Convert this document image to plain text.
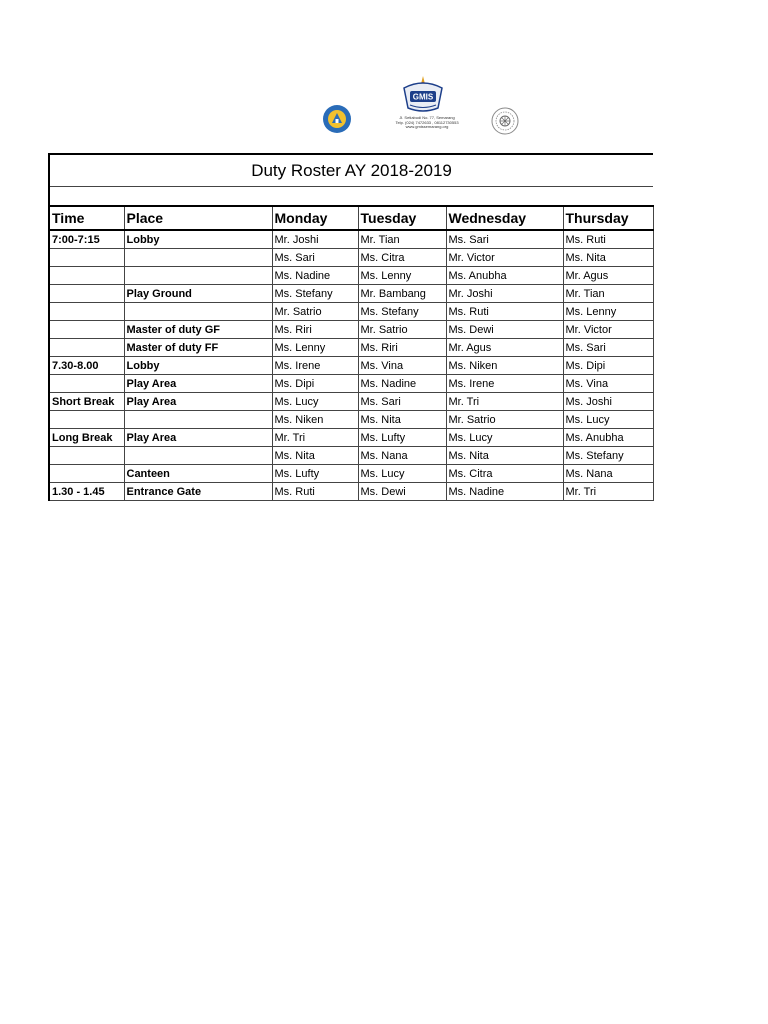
GMIS
Jl. Setiabudi No. 77, Semarang
Telp. (024) 7472633 , 08112730553
www.gmissemarang.org
Duty Roster AY 2018-2019					

Time	Place	Monday	Tuesday	Wednesday	Thursday
7:00-7:15	Lobby	Mr. Joshi	Mr. Tian	Ms. Sari	Ms. Ruti
		Ms. Sari	Ms. Citra	Mr. Victor	Ms. Nita
		Ms. Nadine	Ms. Lenny	Ms. Anubha	Mr. Agus
	Play Ground	Ms. Stefany	Mr. Bambang	Mr. Joshi	Mr. Tian
		Mr. Satrio	Ms. Stefany	Ms. Ruti	Ms. Lenny
	Master of duty GF	Ms. Riri	Mr. Satrio	Ms. Dewi	Mr. Victor
	Master of duty FF	Ms. Lenny	Ms. Riri	Mr. Agus	Ms. Sari
7.30-8.00	Lobby	Ms. Irene	Ms. Vina	Ms. Niken	Ms. Dipi
	Play Area	Ms. Dipi	Ms. Nadine	Ms. Irene	Ms. Vina
Short Break	Play Area	Ms. Lucy	Ms. Sari	Mr. Tri	Ms. Joshi
		Ms. Niken	Ms. Nita	Mr. Satrio	Ms. Lucy
Long Break	Play Area	Mr. Tri	Ms. Lufty	Ms. Lucy	Ms. Anubha
		Ms. Nita	Ms. Nana	Ms. Nita	Ms. Stefany
	Canteen	Ms. Lufty	Ms. Lucy	Ms. Citra	Ms. Nana
1.30 - 1.45	Entrance Gate	Ms. Ruti	Ms. Dewi	Ms. Nadine	Mr. Tri
